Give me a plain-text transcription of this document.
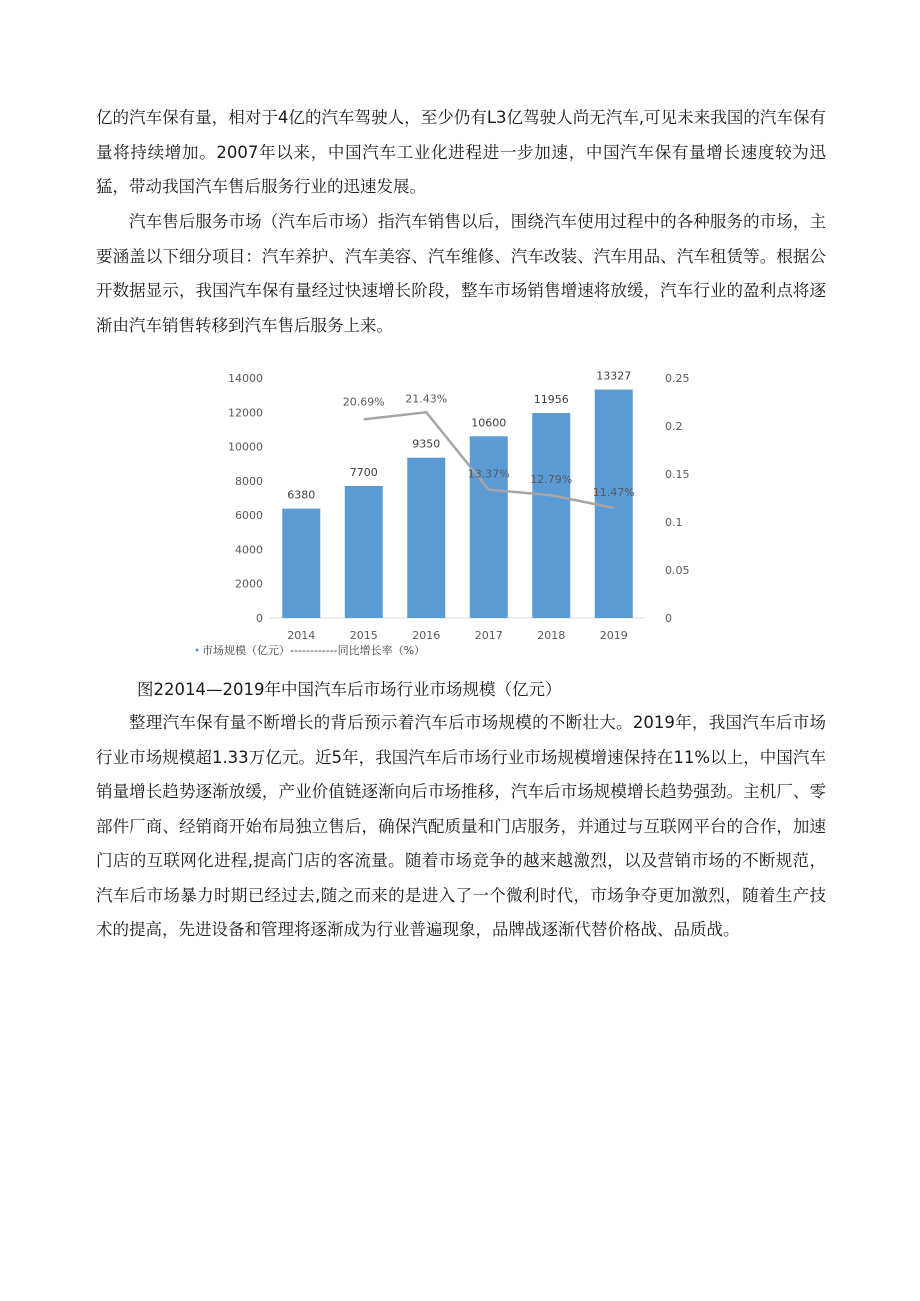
亿的汽车保有量，相对于4亿的汽车驾驶人，至少仍有L3亿驾驶人尚无汽车,可见未来我国的汽车保有量将持续增加。2007年以来，中国汽车工业化进程进一步加速，中国汽车保有量增长速度较为迅猛，带动我国汽车售后服务行业的迅速发展。

汽车售后服务市场（汽车后市场）指汽车销售以后，围绕汽车使用过程中的各种服务的市场，主要涵盖以下细分项目：汽车养护、汽车美容、汽车维修、汽车改装、汽车用品、汽车租赁等。根据公开数据显示，我国汽车保有量经过快速增长阶段，整车市场销售增速将放缓，汽车行业的盈利点将逐渐由汽车销售转移到汽车售后服务上来。

0
2000
4000
6000
8000
10000
12000
14000
0
0.05
0.1
0.15
0.2
0.25
6380
7700
9350
10600
11956
13327
2014	2015	2016	2017	2018	2019
20.69% 21.43%
13.37% 12.79%
11.47%
市场规模（亿元）------------同比增长率（%）

图22014—2019年中国汽车后市场行业市场规模（亿元）

整理汽车保有量不断增长的背后预示着汽车后市场规模的不断壮大。2019年，我国汽车后市场行业市场规模超1.33万亿元。近5年，我国汽车后市场行业市场规模增速保持在11%以上，中国汽车销量增长趋势逐渐放缓，产业价值链逐渐向后市场推移，汽车后市场规模增长趋势强劲。主机厂、零部件厂商、经销商开始布局独立售后，确保汽配质量和门店服务，并通过与互联网平台的合作，加速门店的互联网化进程,提高门店的客流量。随着市场竞争的越来越激烈，以及营销市场的不断规范，汽车后市场暴力时期已经过去,随之而来的是进入了一个微利时代，市场争夺更加激烈，随着生产技术的提高，先进设备和管理将逐渐成为行业普遍现象，品牌战逐渐代替价格战、品质战。
